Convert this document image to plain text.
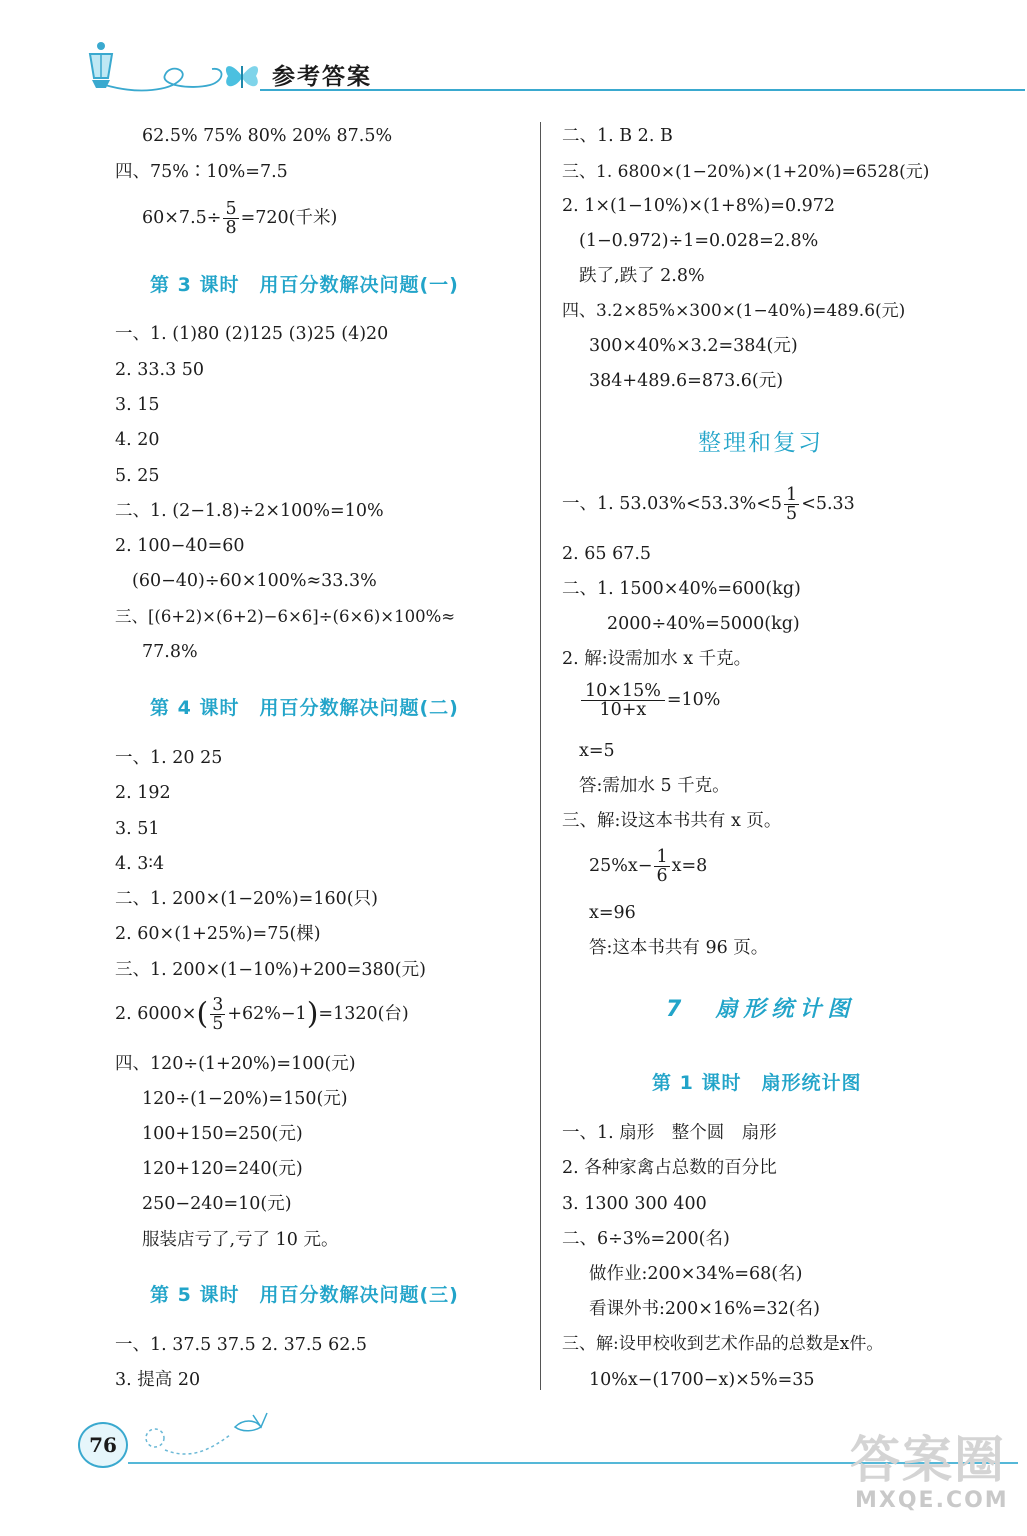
参考答案
62.5% 75% 80% 20% 87.5%
四、75%∶10%=7.5
$60\times 7.5\div \frac{5}{8} =720$(千米)
第 3 课时　用百分数解决问题(一)
一、1. (1)80 (2)125 (3)25 (4)20
2. 33.3 50
3. 15
4. 20
5. 25
二、1. (2−1.8)÷2×100%=10%
2. 100−40=60
(60−40)÷60×100%≈33.3%
三、[(6+2)×(6+2)−6×6]÷(6×6)×100%≈
77.8%
第 4 课时　用百分数解决问题(二)
一、1. 20 25
2. 192
3. 51
4. 3∶4
二、1. 200×(1−20%)=160(只)
2. 60×(1+25%)=75(棵)
三、1. 200×(1−10%)+200=380(元)
2. $6000\times( \frac{3}{5} +62\%-1)=1320$(台)
四、120÷(1+20%)=100(元)
120÷(1−20%)=150(元)
100+150=250(元)
120+120=240(元)
250−240=10(元)
服装店亏了,亏了 10 元。
第 5 课时　用百分数解决问题(三)
一、1. 37.5 37.5 2. 37.5 62.5
3. 提高 20
二、1. B 2. B
三、1. 6800×(1−20%)×(1+20%)=6528(元)
2. 1×(1−10%)×(1+8%)=0.972
(1−0.972)÷1=0.028=2.8%
跌了,跌了 2.8%
四、3.2×85%×300×(1−40%)=489.6(元)
300×40%×3.2=384(元)
384+489.6=873.6(元)
整理和复习
一、1. $53.03\%<53.3\%<5 \frac{1}{5} <5.33$
2. 65 67.5
二、1. 1500×40%=600(kg)
2000÷40%=5000(kg)
2. 解:设需加水 x 千克。
$\frac{10\times 15\%}{10+x} =10\%$
x=5
答:需加水 5 千克。
三、解:设这本书共有 x 页。
$25\%x- \frac{1}{6} x=8$
x=96
答:这本书共有 96 页。
7 扇形统计图
第 1 课时　扇形统计图
一、1. 扇形　整个圆　扇形
2. 各种家禽占总数的百分比
3. 1300 300 400
二、6÷3%=200(名)
做作业:200×34%=68(名)
看课外书:200×16%=32(名)
三、解:设甲校收到艺术作品的总数是x件。
10%x−(1700−x)×5%=35
76	答案圈
MXQE.COM
